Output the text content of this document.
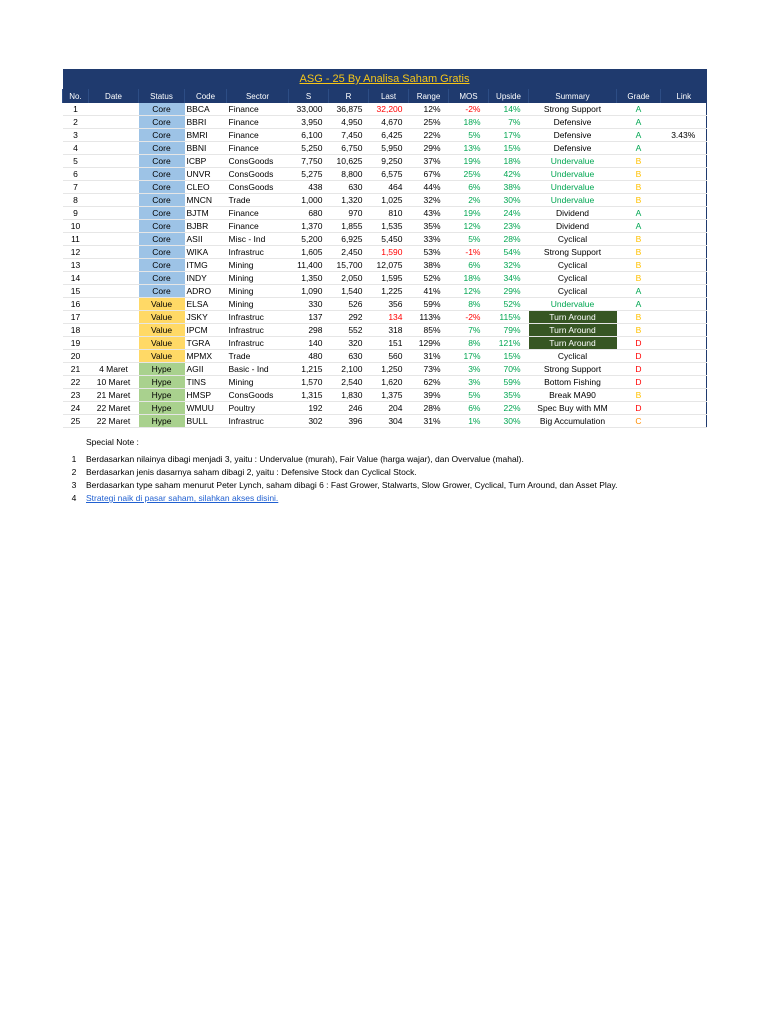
ASG - 25 By Analisa Saham Gratis													
No.	Date	Status	Code	Sector	S	R	Last	Range	MOS	Upside	Summary	Grade	Link
1		Core	BBCA	Finance	33,000	36,875	32,200	12%	-2%	14%	Strong Support	A	
2		Core	BBRI	Finance	3,950	4,950	4,670	25%	18%	7%	Defensive	A	
3		Core	BMRI	Finance	6,100	7,450	6,425	22%	5%	17%	Defensive	A	3.43%
4		Core	BBNI	Finance	5,250	6,750	5,950	29%	13%	15%	Defensive	A	
5		Core	ICBP	ConsGoods	7,750	10,625	9,250	37%	19%	18%	Undervalue	B	
6		Core	UNVR	ConsGoods	5,275	8,800	6,575	67%	25%	42%	Undervalue	B	
7		Core	CLEO	ConsGoods	438	630	464	44%	6%	38%	Undervalue	B	
8		Core	MNCN	Trade	1,000	1,320	1,025	32%	2%	30%	Undervalue	B	
9		Core	BJTM	Finance	680	970	810	43%	19%	24%	Dividend	A	
10		Core	BJBR	Finance	1,370	1,855	1,535	35%	12%	23%	Dividend	A	
11		Core	ASII	Misc - Ind	5,200	6,925	5,450	33%	5%	28%	Cyclical	B	
12		Core	WIKA	Infrastruc	1,605	2,450	1,590	53%	-1%	54%	Strong Support	B	
13		Core	ITMG	Mining	11,400	15,700	12,075	38%	6%	32%	Cyclical	B	
14		Core	INDY	Mining	1,350	2,050	1,595	52%	18%	34%	Cyclical	B	
15		Core	ADRO	Mining	1,090	1,540	1,225	41%	12%	29%	Cyclical	A	
16		Value	ELSA	Mining	330	526	356	59%	8%	52%	Undervalue	A	
17		Value	JSKY	Infrastruc	137	292	134	113%	-2%	115%	Turn Around	B	
18		Value	IPCM	Infrastruc	298	552	318	85%	7%	79%	Turn Around	B	
19		Value	TGRA	Infrastruc	140	320	151	129%	8%	121%	Turn Around	D	
20		Value	MPMX	Trade	480	630	560	31%	17%	15%	Cyclical	D	
21	4 Maret	Hype	AGII	Basic - Ind	1,215	2,100	1,250	73%	3%	70%	Strong Support	D	
22	10 Maret	Hype	TINS	Mining	1,570	2,540	1,620	62%	3%	59%	Bottom Fishing	D	
23	21 Maret	Hype	HMSP	ConsGoods	1,315	1,830	1,375	39%	5%	35%	Break MA90	B	
24	22 Maret	Hype	WMUU	Poultry	192	246	204	28%	6%	22%	Spec Buy with MM	D	
25	22 Maret	Hype	BULL	Infrastruc	302	396	304	31%	1%	30%	Big Accumulation	C	
Special Note :
1	Berdasarkan nilainya dibagi menjadi 3, yaitu : Undervalue (murah), Fair Value (harga wajar), dan Overvalue (mahal).
2	Berdasarkan jenis dasarnya saham dibagi 2, yaitu : Defensive Stock dan Cyclical Stock.
3	Berdasarkan type saham menurut Peter Lynch, saham dibagi 6 : Fast Grower, Stalwarts, Slow Grower, Cyclical, Turn Around, dan Asset Play.
4	Strategi naik di pasar saham, silahkan akses disini.
